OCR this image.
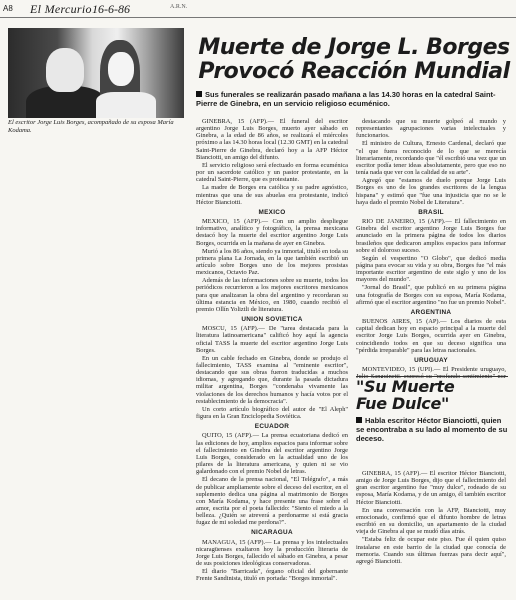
A8 El Mercurio 16-6-86	A.R.N.
El escritor Jorge Luis Borges, acompañado de su esposa María Kodama.
Muerte de Jorge L. Borges
Provocó Reacción Mundial
Sus funerales se realizarán pasado mañana a las 14.30 horas en la catedral Saint-Pierre de Ginebra, en un servicio religioso ecuménico.

GINEBRA, 15 (AFP).— El funeral del escritor argentino Jorge Luis Borges, muerto ayer sábado en Ginebra, a la edad de 86 años, se realizará el miércoles próximo a las 14.30 horas local (12.30 GMT) en la catedral Saint-Pierre de Ginebra, declaró hoy a la AFP Héctor Bianciotti, un amigo del difunto.

El servicio religioso será efectuado en forma ecuménica por un sacerdote católico y un pastor protestante, en la catedral Saint-Pierre, que es protestante.

La madre de Borges era católica y su padre agnóstico, mientras que una de sus abuelas era protestante, indicó Héctor Bianciotti.

MEXICO

MEXICO, 15 (AFP).— Con un amplio despliegue informativo, analítico y fotográfico, la prensa mexicana destacó hoy la muerte del escritor argentino Jorge Luis Borges, ocurrida en la mañana de ayer en Ginebra.

Murió a los 86 años, siendo ya inmortal, tituló en toda su primera plana La Jornada, en la que también escribió un artículo sobre Borges uno de los mejores prosistas mexicanos, Octavio Paz.

Además de las informaciones sobre su muerte, todos los periódicos recurrieron a los mejores escritores mexicanos para que analizaran la obra del argentino y recordaran su última estancia en México, en 1980, cuando recibió el premio Ollín Yoliztli de literatura.

UNION SOVIETICA

MOSCU, 15 (AFP).— De "tarea destacada para la literatura latinoamericana" calificó hoy aquí la agencia oficial TASS la muerte del escritor argentino Jorge Luis Borges.

En un cable fechado en Ginebra, donde se produjo el fallecimiento, TASS examina al "eminente escritor", destacando que sus obras fueron traducidas a muchos idiomas, y agregando que, durante la pasada dictadura militar argentina, Borges "condenaba vivamente las violaciones de los derechos humanos y hacía votos por el restablecimiento de la democracia".

Un corto artículo biográfico del autor de "El Aleph" figura en la Gran Enciclopedia Soviética.

ECUADOR

QUITO, 15 (AFP).— La prensa ecuatoriana dedicó en las ediciones de hoy, amplios espacios para informar sobre el fallecimiento en Ginebra del escritor argentino Jorge Luis Borges, considerado en la actualidad uno de los pilares de la literatura americana, y quien ni se vio galardonado con el premio Nobel de letras.

El decano de la prensa nacional, "El Telégrafo", a más de publicar ampliamente sobre el deceso del escritor, en el suplemento dedica una página al matrimonio de Borges con María Kodama, y hace presente una frase sobre el amor, escrita por el poeta fallecido: "Siento el miedo a la belleza. ¿Quién se atreverá a perdonarme si está gracia fugaz de mi soledad me perdona?".

NICARAGUA

MANAGUA, 15 (AFP).— La prensa y los intelectuales nicaragüenses exaltaron hoy la producción literaria de Jorge Luis Borges, fallecido el sábado en Ginebra, a pesar de sus posiciones ideológicas conservadoras.

El diario "Barricada", órgano oficial del gobernante Frente Sandinista, tituló en portada: "Borges inmortal".

destacando que su muerte golpeó al mundo y representantes agrupaciones varias intelectuales y funcionarios.

El ministro de Cultura, Ernesto Cardenal, declaró que "el que fuera reconocido de lo que se merecía literariamente, recordando que "él escribió una vez que un escritor podía tener ideas absolutamente, pero que eso no tenía nada que ver con la calidad de su arte".

Agregó que "estamos de duelo porque Jorge Luis Borges es uno de los grandes escritores de la lengua hispana" y estimó que "fue una injusticia que no se le haya dado el premio Nobel de Literatura".

BRASIL

RIO DE JANEIRO, 15 (AFP).— El fallecimiento en Ginebra del escritor argentino Jorge Luis Borges fue anunciado en la primera página de todos los diarios brasileños que dedicaron amplios espacios para informar sobre el doloroso suceso.

Según el vespertino "O Globo", que dedicó media página para evocar su vida y su obra, Borges fue "el más importante escritor argentino de este siglo y uno de los mayores del mundo".

"Jornal do Brasil", que publicó en su primera página una fotografía de Borges con su esposa, María Kodama, afirmó que el escritor argentino "no fue un premio Nobel".

ARGENTINA

BUENOS AIRES, 15 (AP).— Los diarios de esta capital dedican hoy en espacio principal a la muerte del escritor Jorge Luis Borges, ocurrida ayer en Ginebra, coincidiendo todos en que su deceso significa una "pérdida irreparable" para las letras nacionales.

URUGUAY

MONTEVIDEO, 15 (UPI).— El Presidente uruguayo,

"Su Muerte
Fue Dulce"
Habla escritor Héctor Bianciotti, quien se encontraba a su lado al momento de su deceso.

GINEBRA, 15 (AFP).— El escritor Héctor Bianciotti, amigo de Jorge Luis Borges, dijo que el fallecimiento del gran escritor argentino fue "muy dulce", rodeado de su esposa, María Kodama, y de un amigo, él también escritor Héctor Bianciotti.

En una conversación con la AFP, Bianciotti, muy emocionado, confirmó que el difunto hombre de letras escribió en su domicilio, un apartamento de la ciudad vieja de Ginebra al que se mudó días atrás.

"Estaba feliz de ocupar este piso. Fue él quien quiso instalarse en este barrio de la ciudad que conocía de memoria. Cuando sus últimas fuerzas para decir aquí", agregó Bianciotti.
